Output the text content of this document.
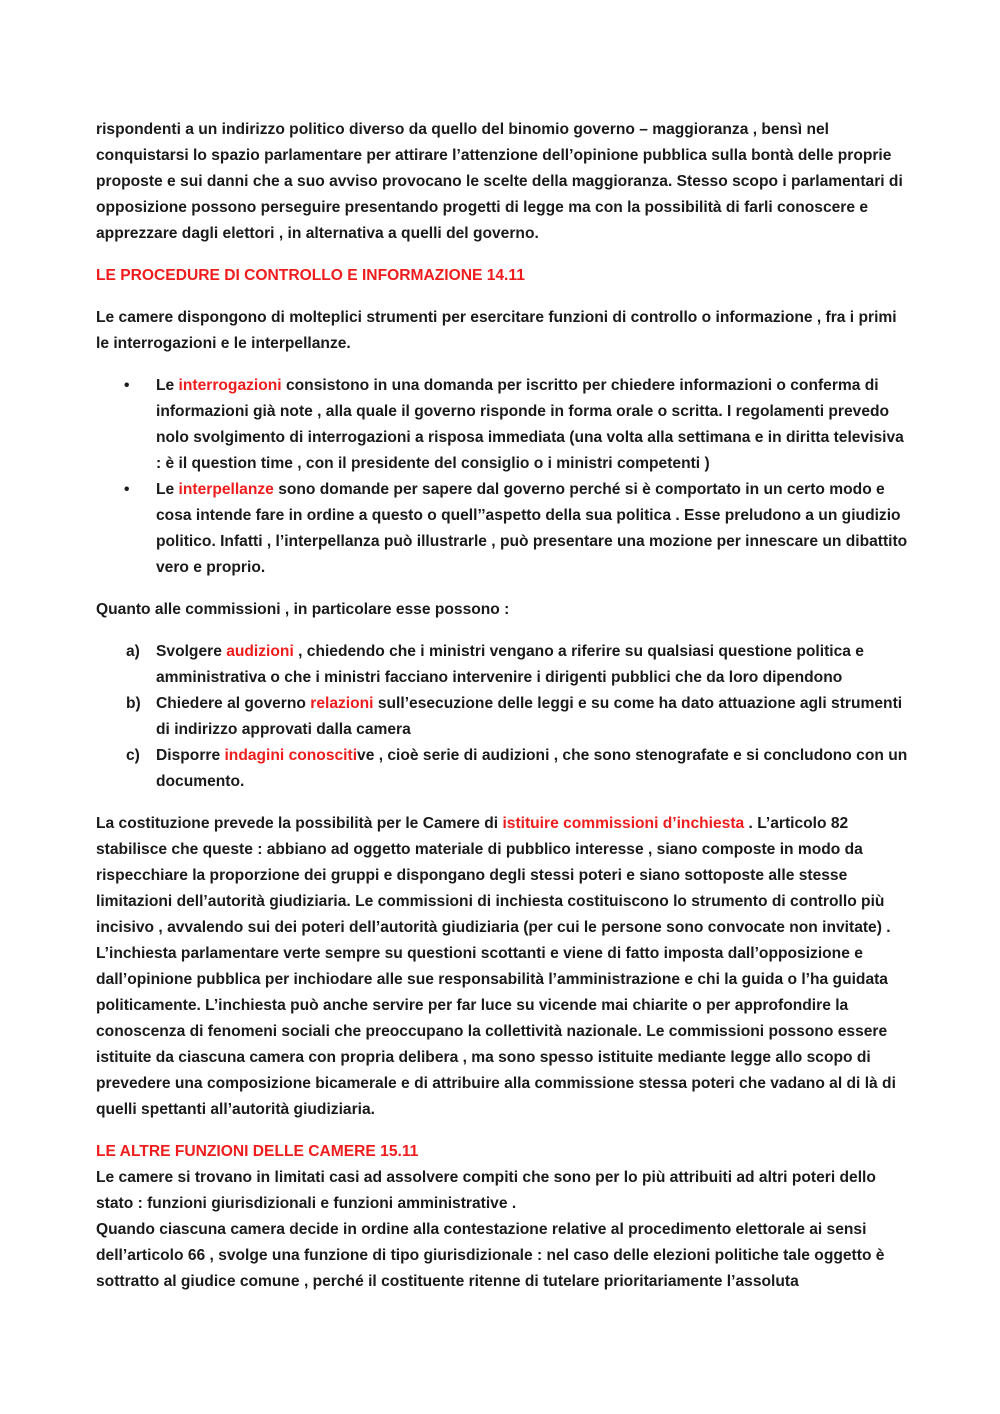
rispondenti a un indirizzo politico diverso da quello del binomio governo – maggioranza , bensì nel conquistarsi lo spazio parlamentare per attirare l’attenzione dell’opinione pubblica sulla bontà delle proprie proposte e sui danni che a suo avviso provocano le scelte della maggioranza. Stesso scopo i parlamentari di opposizione possono perseguire presentando progetti di legge ma con la possibilità di farli conoscere e apprezzare dagli elettori , in alternativa a quelli del governo.

LE PROCEDURE DI CONTROLLO E INFORMAZIONE 14.11

Le camere dispongono di molteplici strumenti per esercitare funzioni di controllo o informazione , fra i primi le interrogazioni e le interpellanze.

• Le interrogazioni consistono in una domanda per iscritto per chiedere informazioni o conferma di informazioni già note , alla quale il governo risponde in forma orale o scritta. I regolamenti prevedo nolo svolgimento di interrogazioni a risposa immediata (una volta alla settimana e in diritta televisiva : è il question time , con il presidente del consiglio o i ministri competenti )
• Le interpellanze sono domande per sapere dal governo perché si è comportato in un certo modo e cosa intende fare in ordine a questo o quell’’aspetto della sua politica . Esse preludono a un giudizio politico. Infatti , l’interpellanza può illustrarle , può presentare una mozione per innescare un dibattito vero e proprio.

Quanto alle commissioni , in particolare esse possono :

a) Svolgere audizioni , chiedendo che i ministri vengano a riferire su qualsiasi questione politica e amministrativa o che i ministri facciano intervenire i dirigenti pubblici che da loro dipendono
b) Chiedere al governo relazioni sull’esecuzione delle leggi e su come ha dato attuazione agli strumenti di indirizzo approvati dalla camera
c) Disporre indagini conoscitive , cioè serie di audizioni , che sono stenografate e si concludono con un documento.

La costituzione prevede la possibilità per le Camere di istituire commissioni d’inchiesta . L’articolo 82 stabilisce che queste : abbiano ad oggetto materiale di pubblico interesse , siano composte in modo da rispecchiare la proporzione dei gruppi e dispongano degli stessi poteri e siano sottoposte alle stesse limitazioni dell’autorità giudiziaria. Le commissioni di inchiesta costituiscono lo strumento di controllo più incisivo , avvalendo sui dei poteri dell’autorità giudiziaria (per cui le persone sono convocate non invitate) . L’inchiesta parlamentare verte sempre su questioni scottanti e viene di fatto imposta dall’opposizione e dall’opinione pubblica per inchiodare alle sue responsabilità l’amministrazione e chi la guida o l’ha guidata politicamente. L’inchiesta può anche servire per far luce su vicende mai chiarite o per approfondire la conoscenza di fenomeni sociali che preoccupano la collettività nazionale. Le commissioni possono essere istituite da ciascuna camera con propria delibera , ma sono spesso istituite mediante legge allo scopo di prevedere una composizione bicamerale e di attribuire alla commissione stessa poteri che vadano al di là di quelli spettanti all’autorità giudiziaria.

LE ALTRE FUNZIONI DELLE CAMERE 15.11

Le camere si trovano in limitati casi ad assolvere compiti che sono per lo più attribuiti ad altri poteri dello stato : funzioni giurisdizionali e funzioni amministrative .

Quando ciascuna camera decide in ordine alla contestazione relative al procedimento elettorale ai sensi dell’articolo 66 , svolge una funzione di tipo giurisdizionale : nel caso delle elezioni politiche tale oggetto è sottratto al giudice comune , perché il costituente ritenne di tutelare prioritariamente l’assoluta
